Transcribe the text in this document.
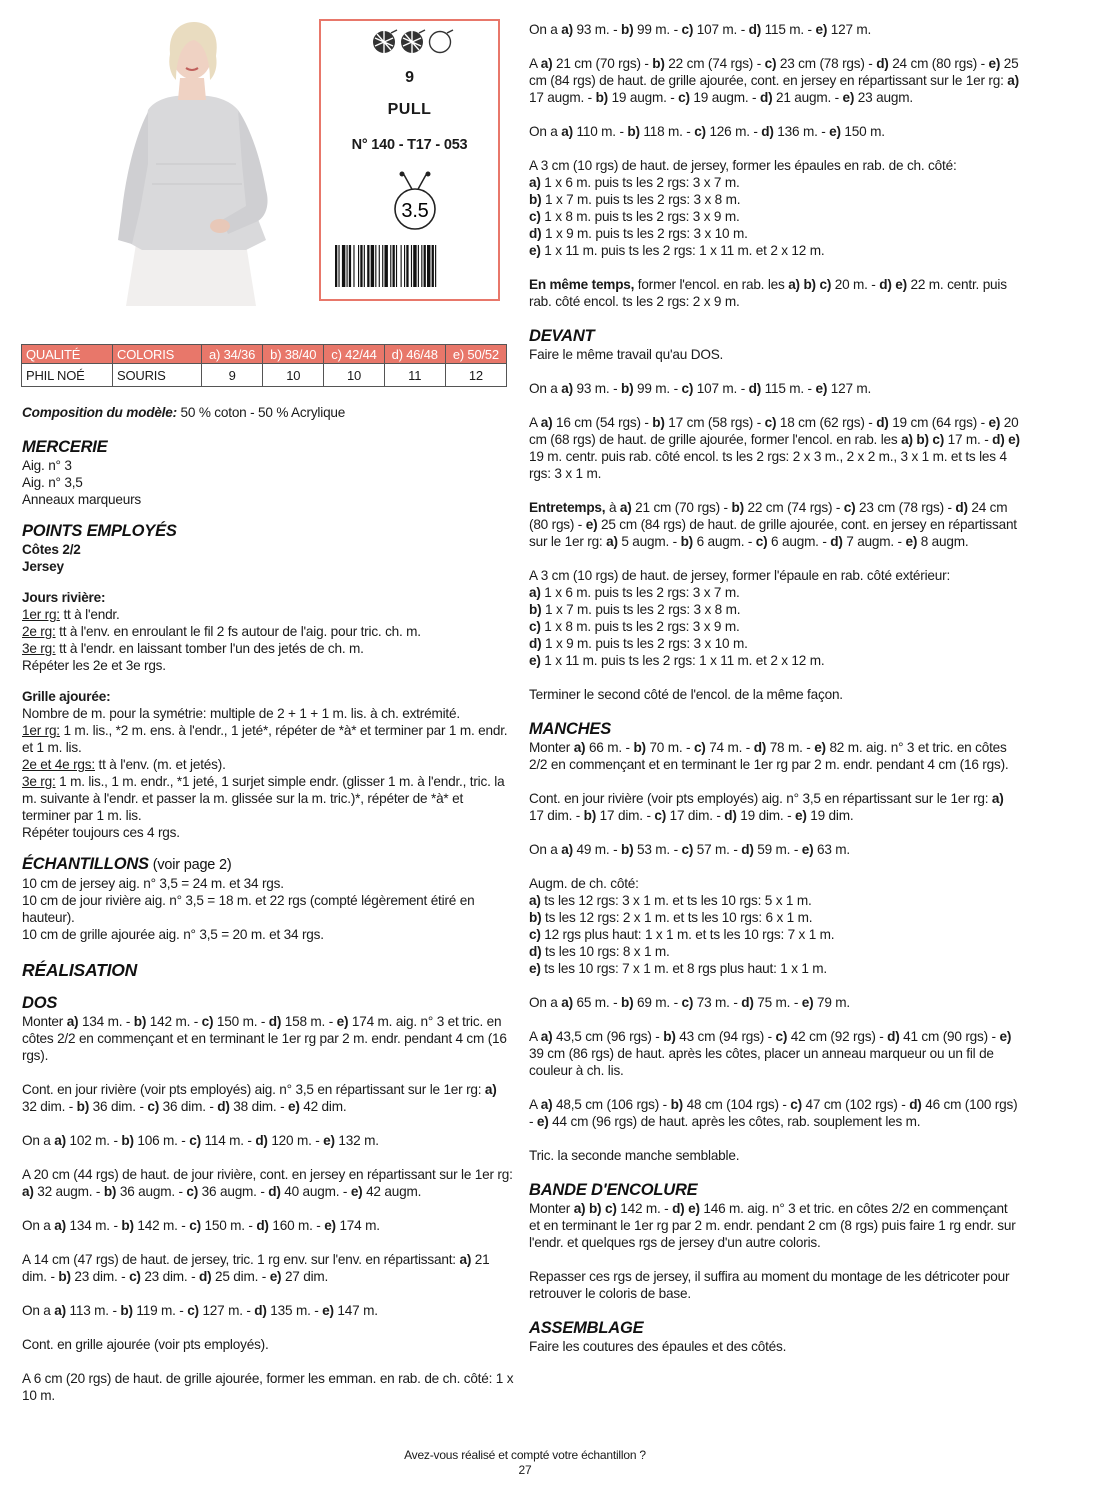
9
PULL
N° 140 - T17 - 053
3.5
QUALITÉ	COLORIS	a) 34/36	b) 38/40	c) 42/44	d) 46/48	e) 50/52
PHIL NOÉ	SOURIS	9	10	10	11	12

Composition du modèle: 50 % coton - 50 % Acrylique

MERCERIE
Aig. n° 3
Aig. n° 3,5
Anneaux marqueurs
POINTS EMPLOYÉS
Côtes 2/2
Jersey
Jours rivière:
1er rg: tt à l'endr.
2e rg: tt à l'env. en enroulant le fil 2 fs autour de l'aig. pour tric. ch. m.
3e rg: tt à l'endr. en laissant tomber l'un des jetés de ch. m.
Répéter les 2e et 3e rgs.
Grille ajourée:
Nombre de m. pour la symétrie: multiple de 2 + 1 + 1 m. lis. à ch. extrémité.
1er rg: 1 m. lis., *2 m. ens. à l'endr., 1 jeté*, répéter de *à* et terminer par 1 m. endr. et 1 m. lis.
2e et 4e rgs: tt à l'env. (m. et jetés).
3e rg: 1 m. lis., 1 m. endr., *1 jeté, 1 surjet simple endr. (glisser 1 m. à l'endr., tric. la m. suivante à l'endr. et passer la m. glissée sur la m. tric.)*, répéter de *à* et terminer par 1 m. lis.
Répéter toujours ces 4 rgs.
ÉCHANTILLONS (voir page 2)
10 cm de jersey aig. n° 3,5 = 24 m. et 34 rgs.
10 cm de jour rivière aig. n° 3,5 = 18 m. et 22 rgs (compté légèrement étiré en hauteur).
10 cm de grille ajourée aig. n° 3,5 = 20 m. et 34 rgs.
RÉALISATION
DOS

Monter a) 134 m. - b) 142 m. - c) 150 m. - d) 158 m. - e) 174 m. aig. n° 3 et tric. en côtes 2/2 en commençant et en terminant le 1er rg par 2 m. endr. pendant 4 cm (16 rgs).

Cont. en jour rivière (voir pts employés) aig. n° 3,5 en répartissant sur le 1er rg: a) 32 dim. - b) 36 dim. - c) 36 dim. - d) 38 dim. - e) 42 dim.

On a a) 102 m. - b) 106 m. - c) 114 m. - d) 120 m. - e) 132 m.

A 20 cm (44 rgs) de haut. de jour rivière, cont. en jersey en répartissant sur le 1er rg: a) 32 augm. - b) 36 augm. - c) 36 augm. - d) 40 augm. - e) 42 augm.

On a a) 134 m. - b) 142 m. - c) 150 m. - d) 160 m. - e) 174 m.

A 14 cm (47 rgs) de haut. de jersey, tric. 1 rg env. sur l'env. en répartissant: a) 21 dim. - b) 23 dim. - c) 23 dim. - d) 25 dim. - e) 27 dim.

On a a) 113 m. - b) 119 m. - c) 127 m. - d) 135 m. - e) 147 m.

Cont. en grille ajourée (voir pts employés).

A 6 cm (20 rgs) de haut. de grille ajourée, former les emman. en rab. de ch. côté: 1 x 10 m.

On a a) 93 m. - b) 99 m. - c) 107 m. - d) 115 m. - e) 127 m.

A a) 21 cm (70 rgs) - b) 22 cm (74 rgs) - c) 23 cm (78 rgs) - d) 24 cm (80 rgs) - e) 25 cm (84 rgs) de haut. de grille ajourée, cont. en jersey en répartissant sur le 1er rg: a) 17 augm. - b) 19 augm. - c) 19 augm. - d) 21 augm. - e) 23 augm.

On a a) 110 m. - b) 118 m. - c) 126 m. - d) 136 m. - e) 150 m.

A 3 cm (10 rgs) de haut. de jersey, former les épaules en rab. de ch. côté:
a) 1 x 6 m. puis ts les 2 rgs: 3 x 7 m.
b) 1 x 7 m. puis ts les 2 rgs: 3 x 8 m.
c) 1 x 8 m. puis ts les 2 rgs: 3 x 9 m.
d) 1 x 9 m. puis ts les 2 rgs: 3 x 10 m.
e) 1 x 11 m. puis ts les 2 rgs: 1 x 11 m. et 2 x 12 m.

En même temps, former l'encol. en rab. les a) b) c) 20 m. - d) e) 22 m. centr. puis rab. côté encol. ts les 2 rgs: 2 x 9 m.

DEVANT

Faire le même travail qu'au DOS.

On a a) 93 m. - b) 99 m. - c) 107 m. - d) 115 m. - e) 127 m.

A a) 16 cm (54 rgs) - b) 17 cm (58 rgs) - c) 18 cm (62 rgs) - d) 19 cm (64 rgs) - e) 20 cm (68 rgs) de haut. de grille ajourée, former l'encol. en rab. les a) b) c) 17 m. - d) e) 19 m. centr. puis rab. côté encol. ts les 2 rgs: 2 x 3 m., 2 x 2 m., 3 x 1 m. et ts les 4 rgs: 3 x 1 m.

Entretemps, à a) 21 cm (70 rgs) - b) 22 cm (74 rgs) - c) 23 cm (78 rgs) - d) 24 cm (80 rgs) - e) 25 cm (84 rgs) de haut. de grille ajourée, cont. en jersey en répartissant sur le 1er rg: a) 5 augm. - b) 6 augm. - c) 6 augm. - d) 7 augm. - e) 8 augm.

A 3 cm (10 rgs) de haut. de jersey, former l'épaule en rab. côté extérieur:
a) 1 x 6 m. puis ts les 2 rgs: 3 x 7 m.
b) 1 x 7 m. puis ts les 2 rgs: 3 x 8 m.
c) 1 x 8 m. puis ts les 2 rgs: 3 x 9 m.
d) 1 x 9 m. puis ts les 2 rgs: 3 x 10 m.
e) 1 x 11 m. puis ts les 2 rgs: 1 x 11 m. et 2 x 12 m.

Terminer le second côté de l'encol. de la même façon.

MANCHES

Monter a) 66 m. - b) 70 m. - c) 74 m. - d) 78 m. - e) 82 m. aig. n° 3 et tric. en côtes 2/2 en commençant et en terminant le 1er rg par 2 m. endr. pendant 4 cm (16 rgs).

Cont. en jour rivière (voir pts employés) aig. n° 3,5 en répartissant sur le 1er rg: a) 17 dim. - b) 17 dim. - c) 17 dim. - d) 19 dim. - e) 19 dim.

On a a) 49 m. - b) 53 m. - c) 57 m. - d) 59 m. - e) 63 m.

Augm. de ch. côté:
a) ts les 12 rgs: 3 x 1 m. et ts les 10 rgs: 5 x 1 m.
b) ts les 12 rgs: 2 x 1 m. et ts les 10 rgs: 6 x 1 m.
c) 12 rgs plus haut: 1 x 1 m. et ts les 10 rgs: 7 x 1 m.
d) ts les 10 rgs: 8 x 1 m.
e) ts les 10 rgs: 7 x 1 m. et 8 rgs plus haut: 1 x 1 m.

On a a) 65 m. - b) 69 m. - c) 73 m. - d) 75 m. - e) 79 m.

A a) 43,5 cm (96 rgs) - b) 43 cm (94 rgs) - c) 42 cm (92 rgs) - d) 41 cm (90 rgs) - e) 39 cm (86 rgs) de haut. après les côtes, placer un anneau marqueur ou un fil de couleur à ch. lis.

A a) 48,5 cm (106 rgs) - b) 48 cm (104 rgs) - c) 47 cm (102 rgs) - d) 46 cm (100 rgs) - e) 44 cm (96 rgs) de haut. après les côtes, rab. souplement les m.

Tric. la seconde manche semblable.

BANDE D'ENCOLURE

Monter a) b) c) 142 m. - d) e) 146 m. aig. n° 3 et tric. en côtes 2/2 en commençant et en terminant le 1er rg par 2 m. endr. pendant 2 cm (8 rgs) puis faire 1 rg endr. sur l'endr. et quelques rgs de jersey d'un autre coloris.

Repasser ces rgs de jersey, il suffira au moment du montage de les détricoter pour retrouver le coloris de base.

ASSEMBLAGE

Faire les coutures des épaules et des côtés.

Avez-vous réalisé et compté votre échantillon ?
27
